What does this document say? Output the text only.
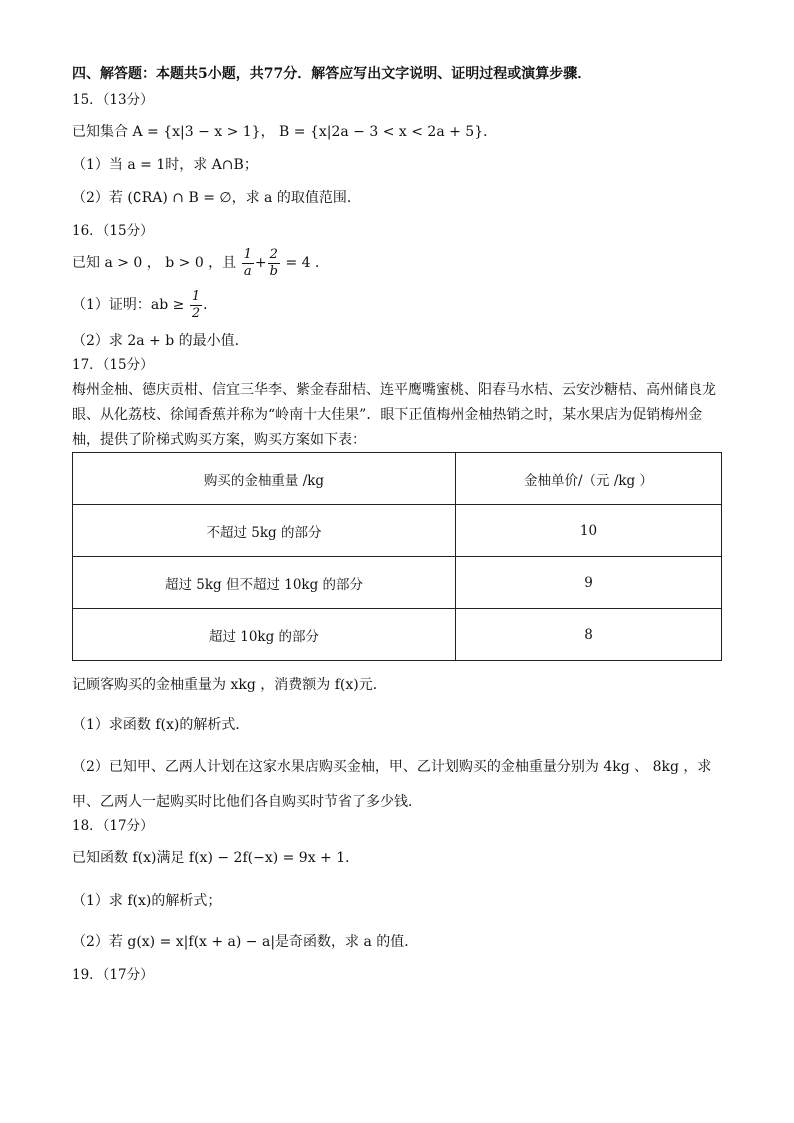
四、解答题：本题共5小题，共77分．解答应写出文字说明、证明过程或演算步骤．
15．（13分）
已知集合 A = {x|3 − x > 1}， B = {x|2a − 3 < x < 2a + 5}．
（1）当 a = 1时，求 A∩B；
（2）若 (∁RA) ∩ B = ∅，求 a 的取值范围．
16．（15分）
已知 a > 0 ， b > 0 ，且 $\frac{1}{a} + \frac{2}{b} = 4$ ．
（1）证明：ab ≥ $\frac{1}{2}$ ．
（2）求 2a + b 的最小值．
17．（15分）
梅州金柚、德庆贡柑、信宜三华李、紫金春甜桔、连平鹰嘴蜜桃、阳春马水桔、云安沙糖桔、高州储良龙
眼、从化荔枝、徐闻香蕉并称为“岭南十大佳果”．眼下正值梅州金柚热销之时，某水果店为促销梅州金
柚，提供了阶梯式购买方案，购买方案如下表：
购买的金柚重量 /kg	金柚单价/（元 /kg ）
不超过 5kg 的部分	10
超过 5kg 但不超过 10kg 的部分	9
超过 10kg 的部分	8
记顾客购买的金柚重量为 xkg ，消费额为 f(x)元．
（1）求函数 f(x)的解析式．
（2）已知甲、乙两人计划在这家水果店购买金柚，甲、乙计划购买的金柚重量分别为 4kg 、 8kg ，求
甲、乙两人一起购买时比他们各自购买时节省了多少钱．
18．（17分）
已知函数 f(x)满足 f(x) − 2f(−x) = 9x + 1．
（1）求 f(x)的解析式；
（2）若 g(x) = x|f(x + a) − a|是奇函数，求 a 的值．
19．（17分）
